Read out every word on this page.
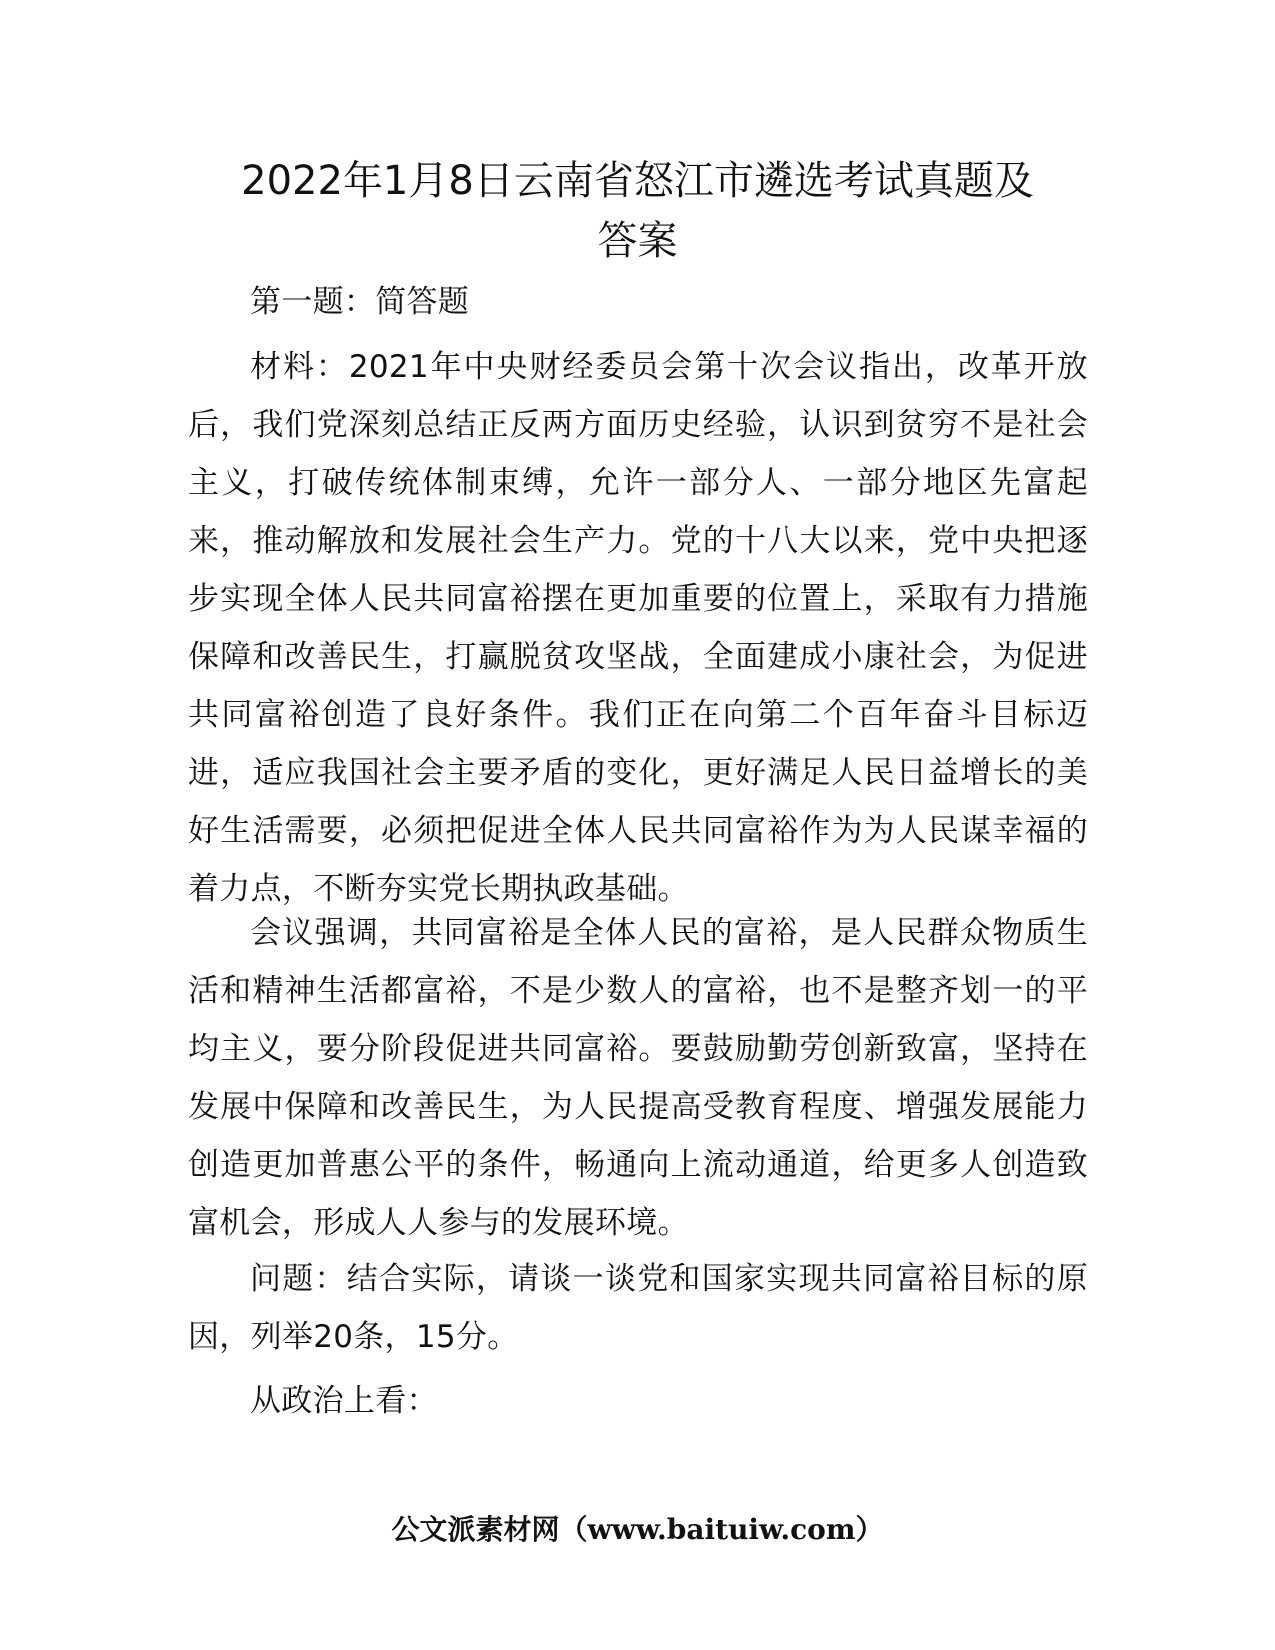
2022年1月8日云南省怒江市遴选考试真题及
答案

第一题：简答题

材料：2021年中央财经委员会第十次会议指出，改革开放后，我们党深刻总结正反两方面历史经验，认识到贫穷不是社会主义，打破传统体制束缚，允许一部分人、一部分地区先富起来，推动解放和发展社会生产力。党的十八大以来，党中央把逐步实现全体人民共同富裕摆在更加重要的位置上，采取有力措施保障和改善民生，打赢脱贫攻坚战，全面建成小康社会，为促进共同富裕创造了良好条件。我们正在向第二个百年奋斗目标迈进，适应我国社会主要矛盾的变化，更好满足人民日益增长的美好生活需要，必须把促进全体人民共同富裕作为为人民谋幸福的着力点，不断夯实党长期执政基础。

会议强调，共同富裕是全体人民的富裕，是人民群众物质生活和精神生活都富裕，不是少数人的富裕，也不是整齐划一的平均主义，要分阶段促进共同富裕。要鼓励勤劳创新致富，坚持在发展中保障和改善民生，为人民提高受教育程度、增强发展能力创造更加普惠公平的条件，畅通向上流动通道，给更多人创造致富机会，形成人人参与的发展环境。

问题：结合实际，请谈一谈党和国家实现共同富裕目标的原因，列举20条，15分。

从政治上看：

公文派素材网（www.baituiw.com）
